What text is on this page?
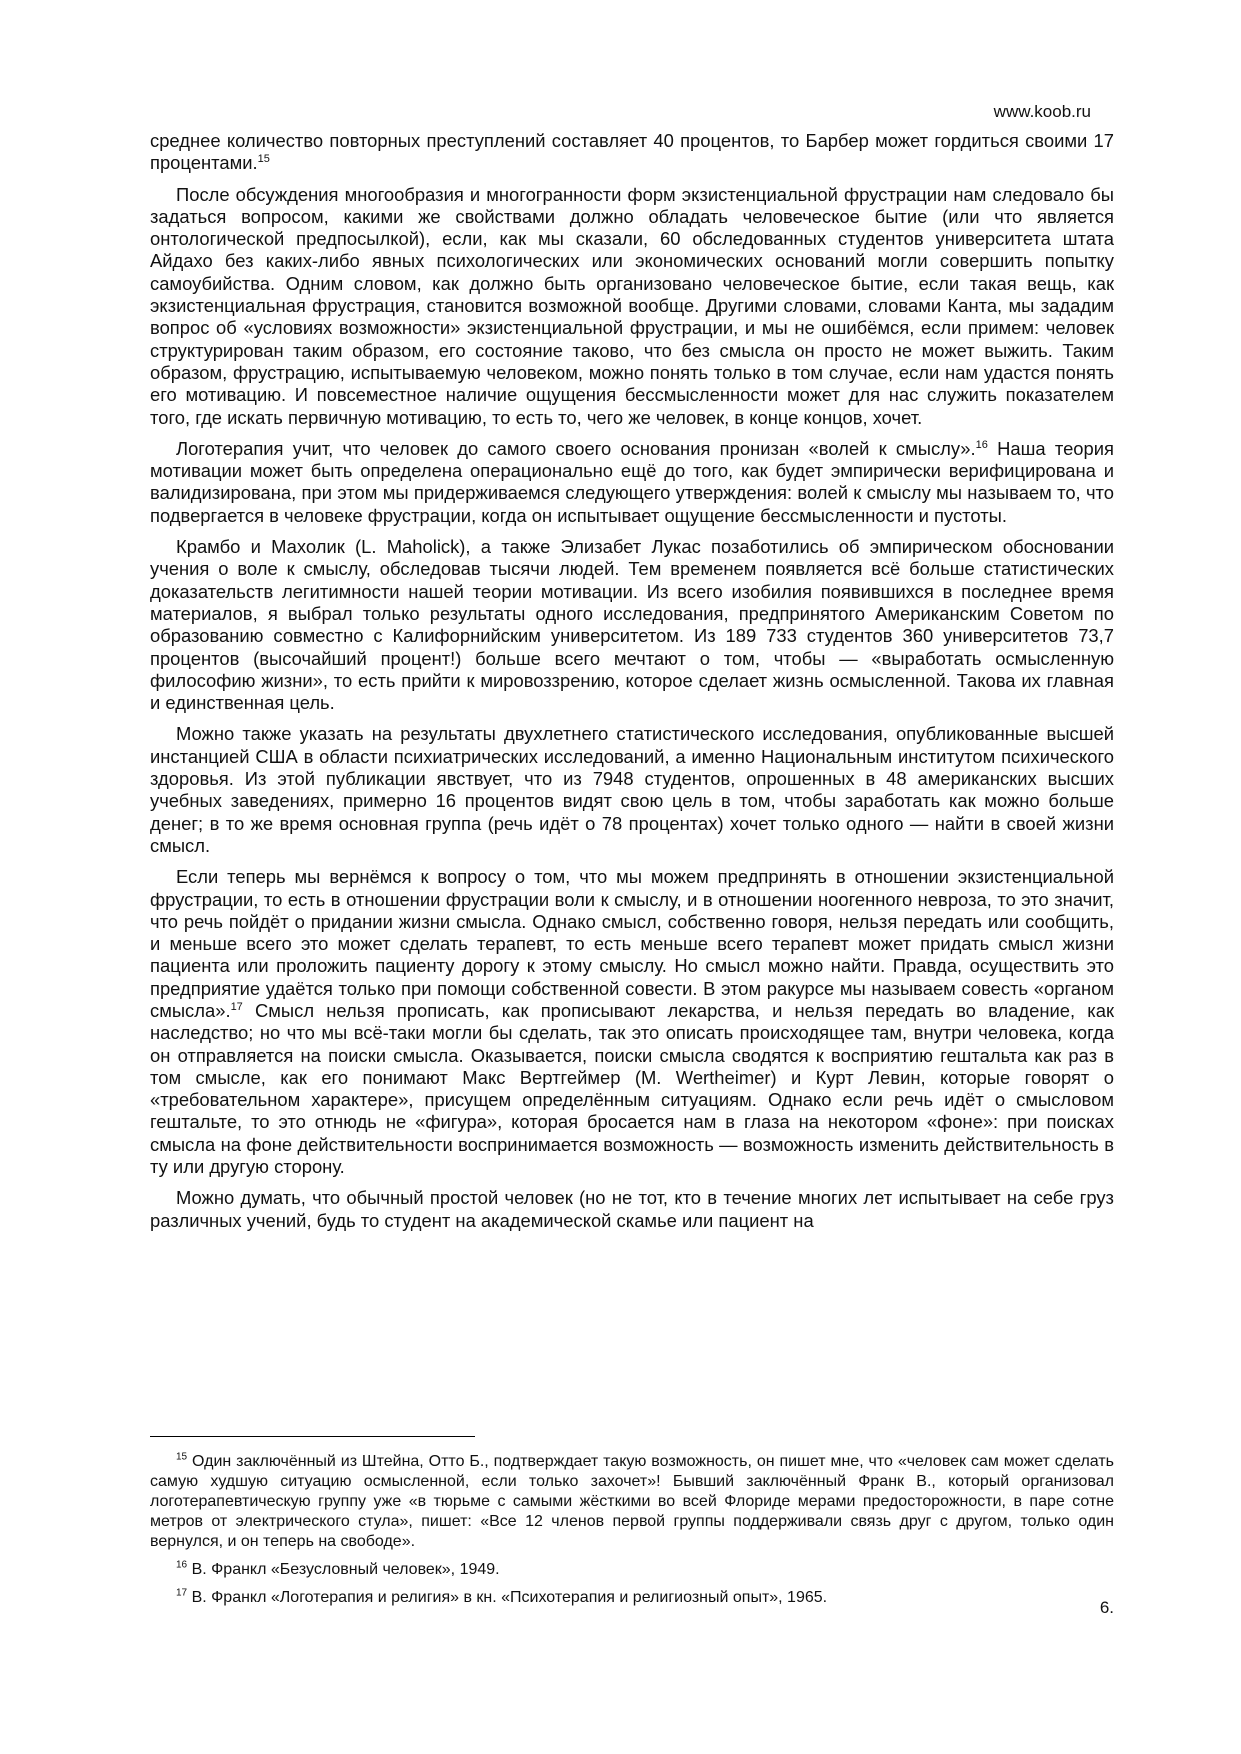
www.koob.ru

среднее количество повторных преступлений составляет 40 процентов, то Барбер может гордиться своими 17 процентами.$^{15}$

После обсуждения многообразия и многогранности форм экзистенциальной фрустрации нам следовало бы задаться вопросом, какими же свойствами должно обладать человеческое бытие (или что является онтологической предпосылкой), если, как мы сказали, 60 обследованных студентов университета штата Айдахо без каких-либо явных психологических или экономических оснований могли совершить попытку самоубийства. Одним словом, как должно быть организовано человеческое бытие, если такая вещь, как экзистенциальная фрустрация, становится возможной вообще. Другими словами, словами Канта, мы зададим вопрос об «условиях возможности» экзистенциальной фрустрации, и мы не ошибёмся, если примем: человек структурирован таким образом, его состояние таково, что без смысла он просто не может выжить. Таким образом, фрустрацию, испытываемую человеком, можно понять только в том случае, если нам удастся понять его мотивацию. И повсеместное наличие ощущения бессмысленности может для нас служить показателем того, где искать первичную мотивацию, то есть то, чего же человек, в конце концов, хочет.

Логотерапия учит, что человек до самого своего основания пронизан «волей к смыслу».$^{16}$ Наша теория мотивации может быть определена операционально ещё до того, как будет эмпирически верифицирована и валидизирована, при этом мы придерживаемся следующего утверждения: волей к смыслу мы называем то, что подвергается в человеке фрустрации, когда он испытывает ощущение бессмысленности и пустоты.

Крамбо и Махолик (L. Maholick), а также Элизабет Лукас позаботились об эмпирическом обосновании учения о воле к смыслу, обследовав тысячи людей. Тем временем появляется всё больше статистических доказательств легитимности нашей теории мотивации. Из всего изобилия появившихся в последнее время материалов, я выбрал только результаты одного исследования, предпринятого Американским Советом по образованию совместно с Калифорнийским университетом. Из 189 733 студентов 360 университетов 73,7 процентов (высочайший процент!) больше всего мечтают о том, чтобы — «выработать осмысленную философию жизни», то есть прийти к мировоззрению, которое сделает жизнь осмысленной. Такова их главная и единственная цель.

Можно также указать на результаты двухлетнего статистического исследования, опубликованные высшей инстанцией США в области психиатрических исследований, а именно Национальным институтом психического здоровья. Из этой публикации явствует, что из 7948 студентов, опрошенных в 48 американских высших учебных заведениях, примерно 16 процентов видят свою цель в том, чтобы заработать как можно больше денег; в то же время основная группа (речь идёт о 78 процентах) хочет только одного — найти в своей жизни смысл.

Если теперь мы вернёмся к вопросу о том, что мы можем предпринять в отношении экзистенциальной фрустрации, то есть в отношении фрустрации воли к смыслу, и в отношении ноогенного невроза, то это значит, что речь пойдёт о придании жизни смысла. Однако смысл, собственно говоря, нельзя передать или сообщить, и меньше всего это может сделать терапевт, то есть меньше всего терапевт может придать смысл жизни пациента или проложить пациенту дорогу к этому смыслу. Но смысл можно найти. Правда, осуществить это предприятие удаётся только при помощи собственной совести. В этом ракурсе мы называем совесть «органом смысла».$^{17}$ Смысл нельзя прописать, как прописывают лекарства, и нельзя передать во владение, как наследство; но что мы всё-таки могли бы сделать, так это описать происходящее там, внутри человека, когда он отправляется на поиски смысла. Оказывается, поиски смысла сводятся к восприятию гештальта как раз в том смысле, как его понимают Макс Вертгеймер (M. Wertheimer) и Курт Левин, которые говорят о «требовательном характере», присущем определённым ситуациям. Однако если речь идёт о смысловом гештальте, то это отнюдь не «фигура», которая бросается нам в глаза на некотором «фоне»: при поисках смысла на фоне действительности воспринимается возможность — возможность изменить действительность в ту или другую сторону.

Можно думать, что обычный простой человек (но не тот, кто в течение многих лет испытывает на себе груз различных учений, будь то студент на академической скамье или пациент на

$^{15}$ Один заключённый из Штейна, Отто Б., подтверждает такую возможность, он пишет мне, что «человек сам может сделать самую худшую ситуацию осмысленной, если только захочет»! Бывший заключённый Франк В., который организовал логотерапевтическую группу уже «в тюрьме с самыми жёсткими во всей Флориде мерами предосторожности, в паре сотне метров от электрического стула», пишет: «Все 12 членов первой группы поддерживали связь друг с другом, только один вернулся, и он теперь на свободе».

$^{16}$ В. Франкл «Безусловный человек», 1949.

$^{17}$ В. Франкл «Логотерапия и религия» в кн. «Психотерапия и религиозный опыт», 1965.

6.
